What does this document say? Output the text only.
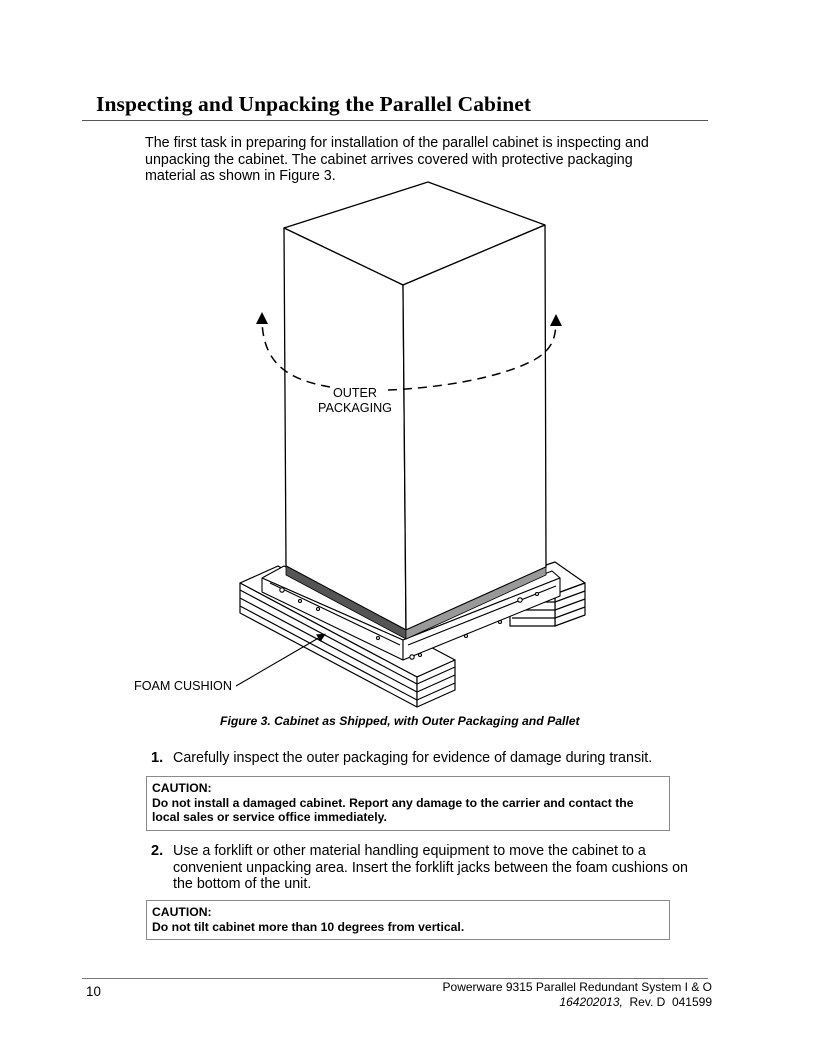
Inspecting and Unpacking the Parallel Cabinet

The first task in preparing for installation of the parallel cabinet is inspecting and unpacking the cabinet. The cabinet arrives covered with protective packaging material as shown in Figure 3.

OUTER
PACKAGING
FOAM CUSHION

Figure 3. Cabinet as Shipped, with Outer Packaging and Pallet

1. Carefully inspect the outer packaging for evidence of damage during transit.
CAUTION:
Do not install a damaged cabinet. Report any damage to the carrier and contact the local sales or service office immediately.
2. Use a forklift or other material handling equipment to move the cabinet to a convenient unpacking area. Insert the forklift jacks between the foam cushions on the bottom of the unit.
CAUTION:
Do not tilt cabinet more than 10 degrees from vertical.
10	Powerware 9315 Parallel Redundant System I & O
164202013,  Rev. D  041599
